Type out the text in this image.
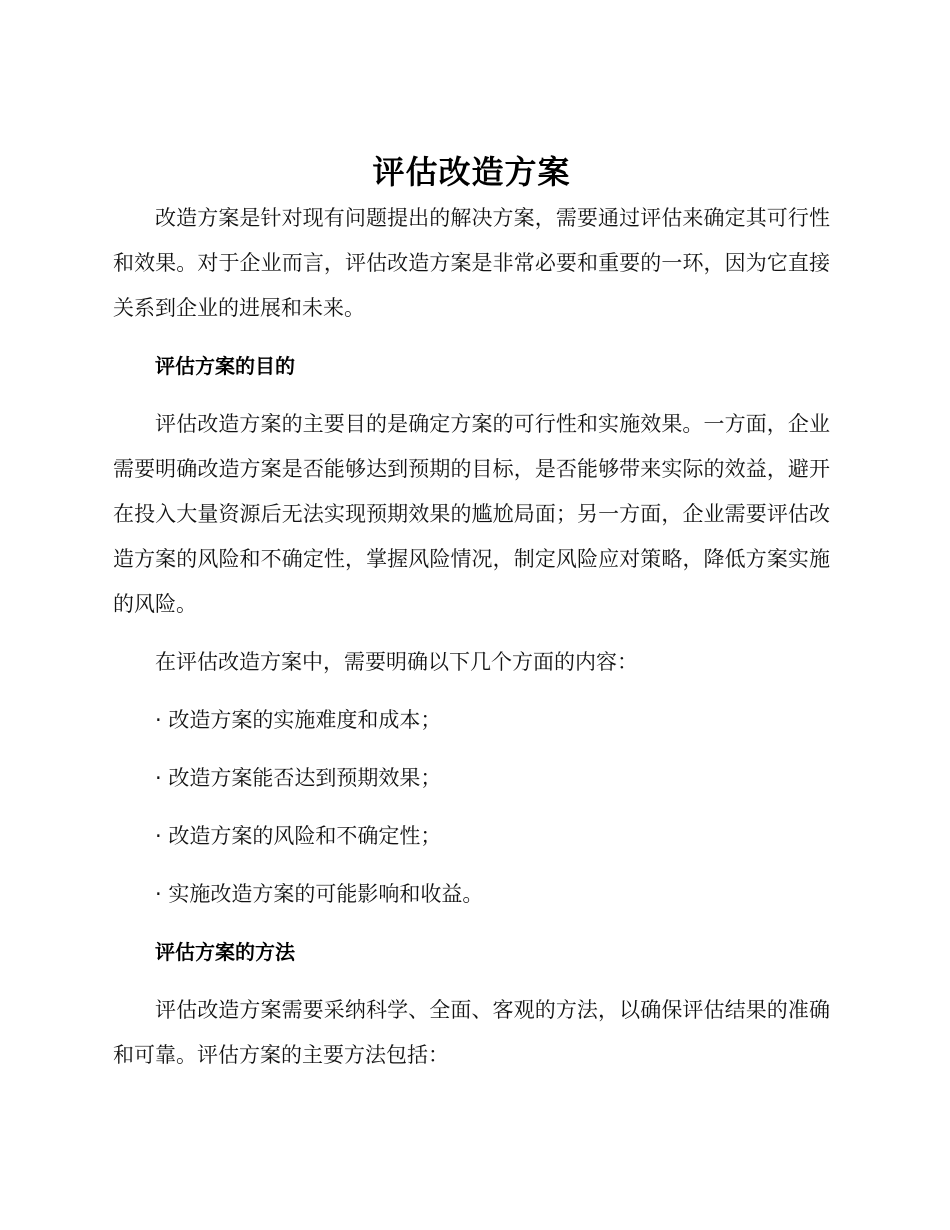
评估改造方案

改造方案是针对现有问题提出的解决方案，需要通过评估来确定其可行性和效果。对于企业而言，评估改造方案是非常必要和重要的一环，因为它直接关系到企业的进展和未来。

评估方案的目的

评估改造方案的主要目的是确定方案的可行性和实施效果。一方面，企业需要明确改造方案是否能够达到预期的目标，是否能够带来实际的效益，避开在投入大量资源后无法实现预期效果的尴尬局面；另一方面，企业需要评估改造方案的风险和不确定性，掌握风险情况，制定风险应对策略，降低方案实施的风险。

在评估改造方案中，需要明确以下几个方面的内容：

· 改造方案的实施难度和成本；
· 改造方案能否达到预期效果；
· 改造方案的风险和不确定性；
· 实施改造方案的可能影响和收益。
评估方案的方法

评估改造方案需要采纳科学、全面、客观的方法，以确保评估结果的准确和可靠。评估方案的主要方法包括：
